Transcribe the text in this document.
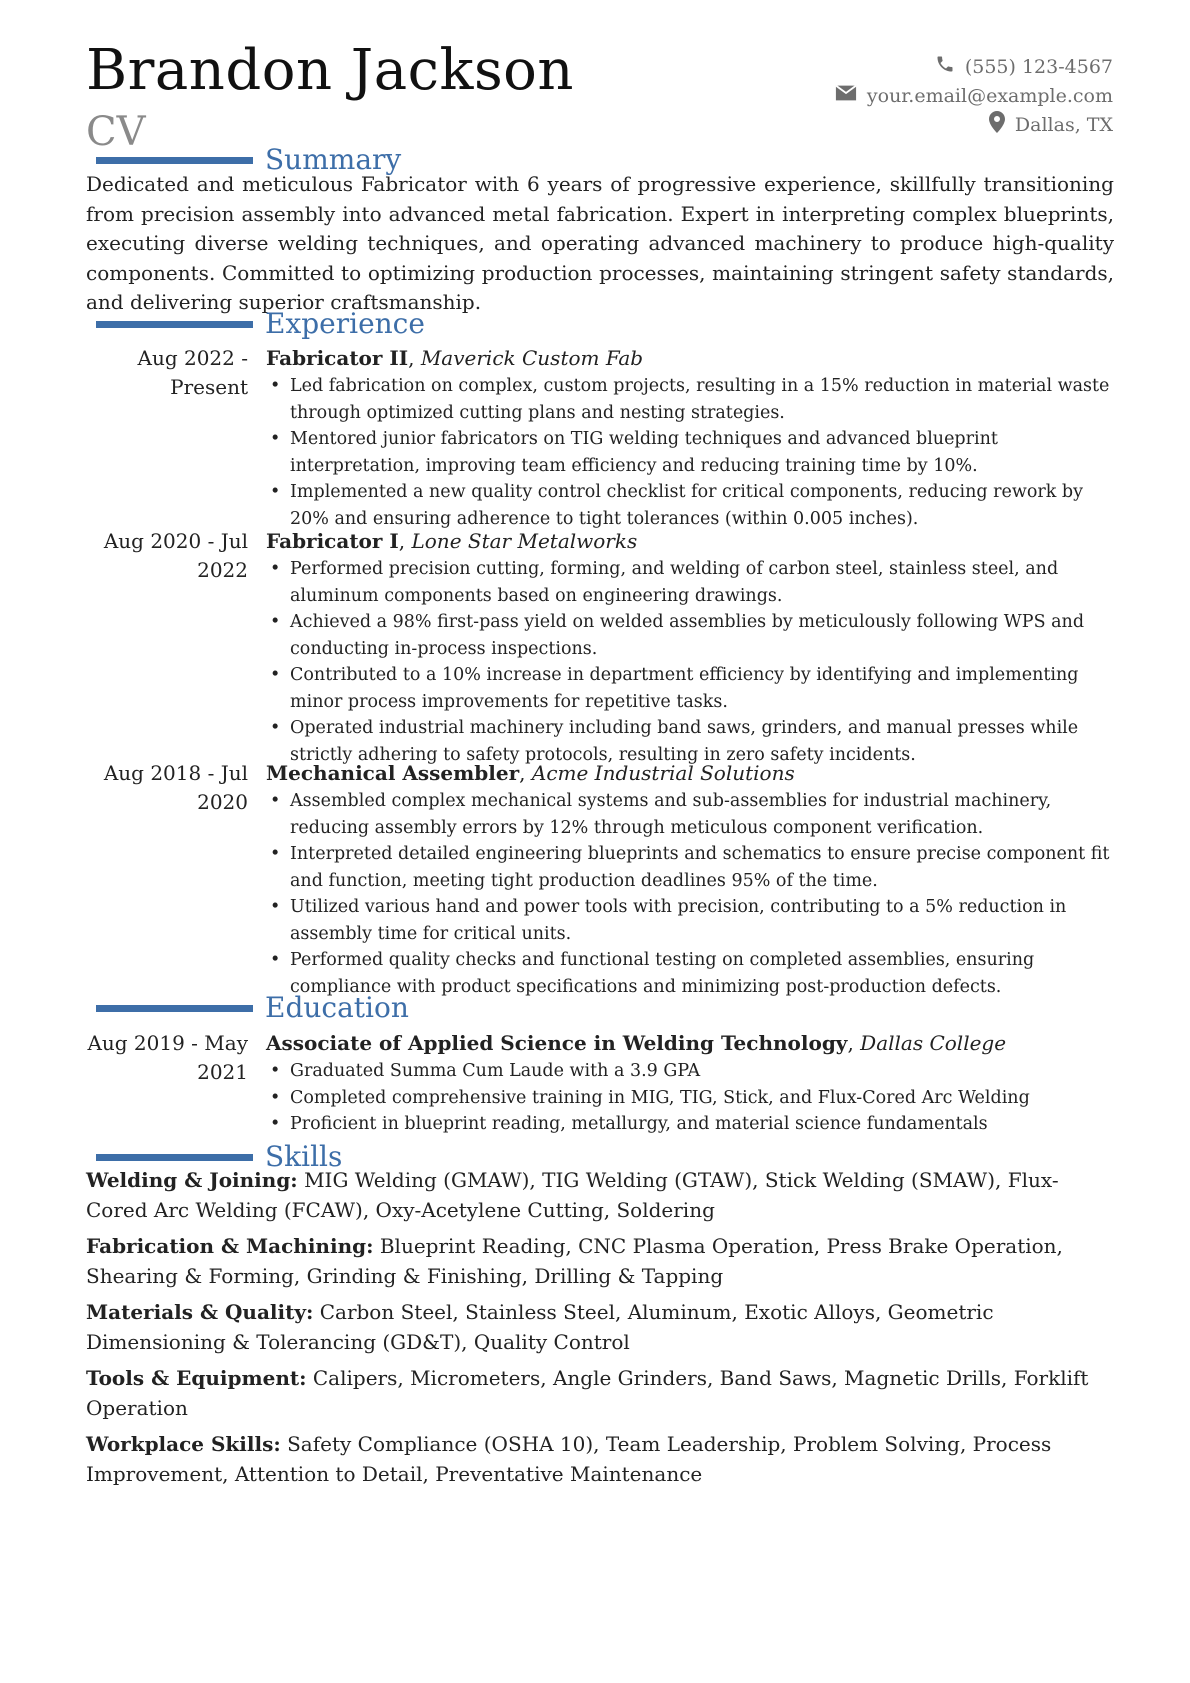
Brandon Jackson
CV
(555) 123-4567
your.email@example.com
Dallas, TX
Summary
Dedicated and meticulous Fabricator with 6 years of progressive experience, skillfully transitioning from precision assembly into advanced metal fabrication. Expert in interpreting complex blueprints, executing diverse welding techniques, and operating advanced machinery to produce high-quality components. Committed to optimizing production processes, maintaining stringent safety standards, and delivering superior craftsmanship.
Experience
Aug 2022 - Present
Fabricator II, Maverick Custom Fab
• Led fabrication on complex, custom projects, resulting in a 15% reduction in material waste through optimized cutting plans and nesting strategies.
• Mentored junior fabricators on TIG welding techniques and advanced blueprint interpretation, improving team efficiency and reducing training time by 10%.
• Implemented a new quality control checklist for critical components, reducing rework by 20% and ensuring adherence to tight tolerances (within 0.005 inches).
Aug 2020 - Jul 2022
Fabricator I, Lone Star Metalworks
• Performed precision cutting, forming, and welding of carbon steel, stainless steel, and aluminum components based on engineering drawings.
• Achieved a 98% first-pass yield on welded assemblies by meticulously following WPS and conducting in-process inspections.
• Contributed to a 10% increase in department efficiency by identifying and implementing minor process improvements for repetitive tasks.
• Operated industrial machinery including band saws, grinders, and manual presses while strictly adhering to safety protocols, resulting in zero safety incidents.
Aug 2018 - Jul 2020
Mechanical Assembler, Acme Industrial Solutions
• Assembled complex mechanical systems and sub-assemblies for industrial machinery, reducing assembly errors by 12% through meticulous component verification.
• Interpreted detailed engineering blueprints and schematics to ensure precise component fit and function, meeting tight production deadlines 95% of the time.
• Utilized various hand and power tools with precision, contributing to a 5% reduction in assembly time for critical units.
• Performed quality checks and functional testing on completed assemblies, ensuring compliance with product specifications and minimizing post-production defects.
Education
Aug 2019 - May 2021
Associate of Applied Science in Welding Technology, Dallas College
• Graduated Summa Cum Laude with a 3.9 GPA
• Completed comprehensive training in MIG, TIG, Stick, and Flux-Cored Arc Welding
• Proficient in blueprint reading, metallurgy, and material science fundamentals
Skills
Welding & Joining: MIG Welding (GMAW), TIG Welding (GTAW), Stick Welding (SMAW), Flux-Cored Arc Welding (FCAW), Oxy-Acetylene Cutting, Soldering
Fabrication & Machining: Blueprint Reading, CNC Plasma Operation, Press Brake Operation, Shearing & Forming, Grinding & Finishing, Drilling & Tapping
Materials & Quality: Carbon Steel, Stainless Steel, Aluminum, Exotic Alloys, Geometric Dimensioning & Tolerancing (GD&T), Quality Control
Tools & Equipment: Calipers, Micrometers, Angle Grinders, Band Saws, Magnetic Drills, Forklift Operation
Workplace Skills: Safety Compliance (OSHA 10), Team Leadership, Problem Solving, Process Improvement, Attention to Detail, Preventative Maintenance
